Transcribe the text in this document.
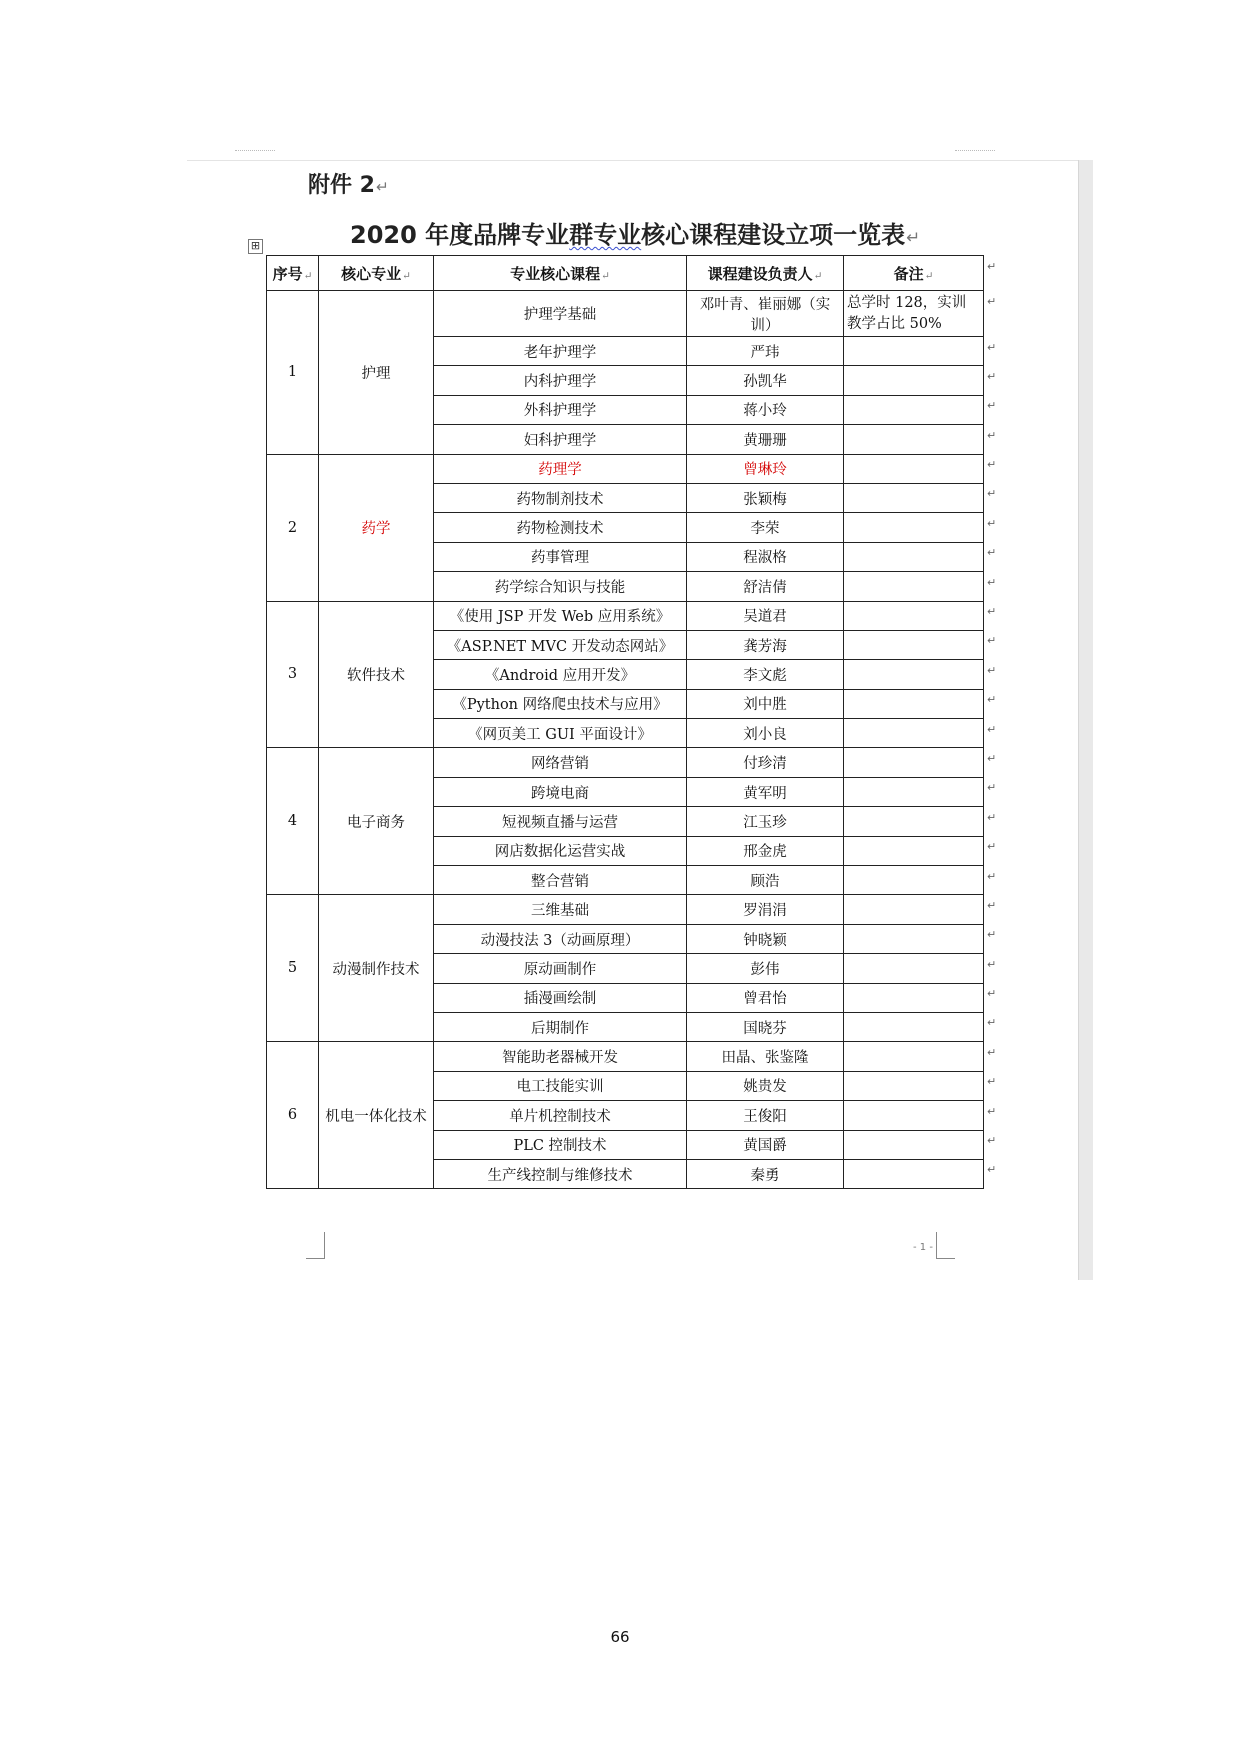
附件 2↵
2020 年度品牌专业群专业核心课程建设立项一览表↵
⊞
序号↵	核心专业↵	专业核心课程↵	课程建设负责人↵	备注↵
1	护理	护理学基础	邓叶青、崔丽娜（实训）	总学时 128，实训教学占比 50%
		老年护理学	严玮	
		内科护理学	孙凯华	
		外科护理学	蒋小玲	
		妇科护理学	黄珊珊	
2	药学	药理学	曾琳玲	
		药物制剂技术	张颖梅	
		药物检测技术	李荣	
		药事管理	程淑格	
		药学综合知识与技能	舒洁倩	
3	软件技术	《使用 JSP 开发 Web 应用系统》	吴道君	
		《ASP.NET MVC 开发动态网站》	龚芳海	
		《Android 应用开发》	李文彪	
		《Python 网络爬虫技术与应用》	刘中胜	
		《网页美工 GUI 平面设计》	刘小良	
4	电子商务	网络营销	付珍清	
		跨境电商	黄军明	
		短视频直播与运营	江玉珍	
		网店数据化运营实战	邢金虎	
		整合营销	顾浩	
5	动漫制作技术	三维基础	罗涓涓	
		动漫技法 3（动画原理）	钟晓颖	
		原动画制作	彭伟	
		插漫画绘制	曾君怡	
		后期制作	国晓芬	
6	机电一体化技术	智能助老器械开发	田晶、张鉴隆	
		电工技能实训	姚贵发	
		单片机控制技术	王俊阳	
		PLC 控制技术	黄国爵	
		生产线控制与维修技术	秦勇	
↵
↵
↵
↵
↵
↵
↵
↵
↵
↵
↵
↵
↵
↵
↵
↵
↵
↵
↵
↵
↵
↵
↵
↵
↵
↵
↵
↵
↵
↵
↵
- 1 -
66
